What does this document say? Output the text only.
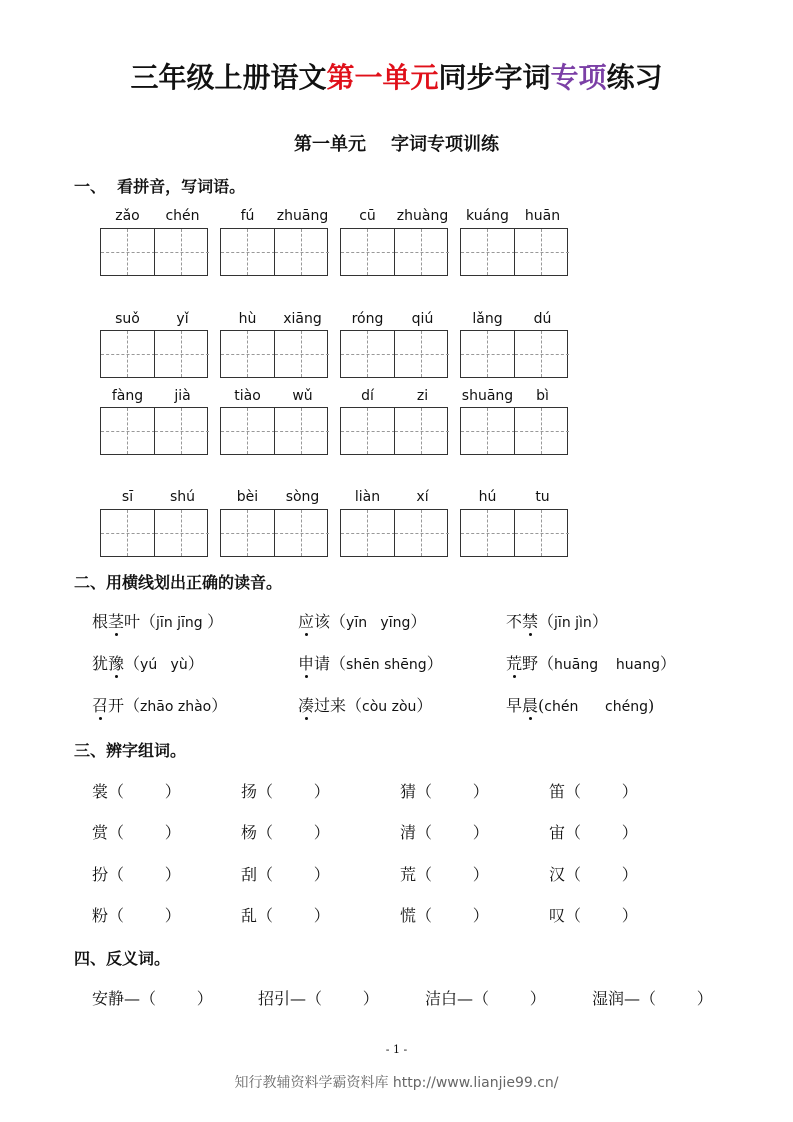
三年级上册语文第一单元同步字词专项练习
第一单元    字词专项训练
一、  看拼音，写词语。
zǎo	chén	fú	zhuāng	cū	zhuàng	kuáng	huān
suǒ	yǐ	hù	xiāng	róng	qiú	lǎng	dú
fàng	jià	tiào	wǔ	dí	zi	shuāng	bì
sī	shú	bèi	sòng	liàn	xí	hú	tu
二、用横线划出正确的读音。
根茎叶（jīn jīng ）	应该（yīn   yīng）	不禁（jīn jìn）
犹豫（yú   yù）	申请（shēn shēng）	荒野（huāng    huang）
召开（zhāo zhào）	凑过来（còu zòu）	早晨(chén      chéng)
三、辨字组词。
裳（        ）	扬（        ）	猜（        ）	笛（        ）
赏（        ）	杨（        ）	清（        ）	宙（        ）
扮（        ）	刮（        ）	荒（        ）	汉（        ）
粉（        ）	乱（        ）	慌（        ）	叹（        ）
四、反义词。
安静—（        ）	招引—（        ）	洁白—（        ）	湿润—（        ）
- 1 -
知行教辅资料学霸资料库 http://www.lianjie99.cn/
